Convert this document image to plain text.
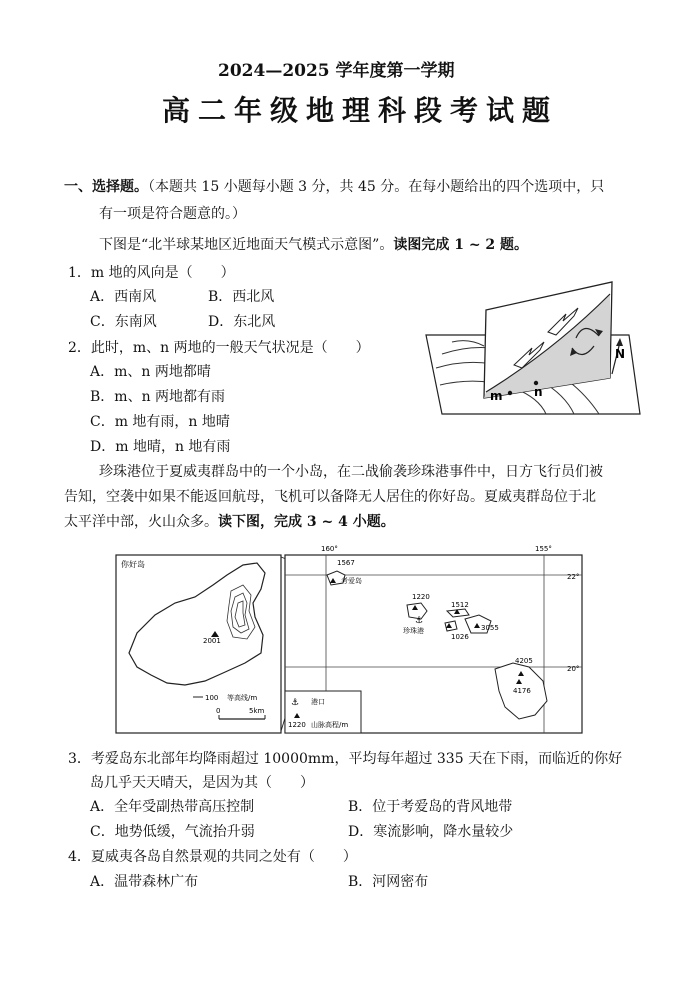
2024—2025 学年度第一学期
高二年级地理科段考试题
一、选择题。（本题共 15 小题每小题 3 分，共 45 分。在每小题给出的四个选项中，只
有一项是符合题意的。）
下图是“北半球某地区近地面天气模式示意图”。读图完成 1 ~ 2 题。
1．m 地的风向是（　　）
A．西南风	B．西北风
C．东南风	D．东北风
2．此时，m、n 两地的一般天气状况是（　　）
A．m、n 两地都晴
B．m、n 两地都有雨
C．m 地有雨，n 地晴
D．m 地晴，n 地有雨
m	n
N
珍珠港位于夏威夷群岛中的一个小岛，在二战偷袭珍珠港事件中，日方飞行员们被
告知，空袭中如果不能返回航母，飞机可以备降无人居住的你好岛。夏威夷群岛位于北
太平洋中部，火山众多。读下图，完成 3 ~ 4 小题。
你好岛
2001
100 等高线/m
0	5km
160°	155°
22°
20°
1567
考爱岛
1220
⚓
珍珠港
1512
1026
3055
4205
4176
⚓ 港口
1220 山脉高程/m
3．考爱岛东北部年均降雨超过 10000mm，平均每年超过 335 天在下雨，而临近的你好
岛几乎天天晴天，是因为其（　　）
A．全年受副热带高压控制	B．位于考爱岛的背风地带
C．地势低缓，气流抬升弱	D．寒流影响，降水量较少
4．夏威夷各岛自然景观的共同之处有（　　）
A．温带森林广布	B．河网密布
